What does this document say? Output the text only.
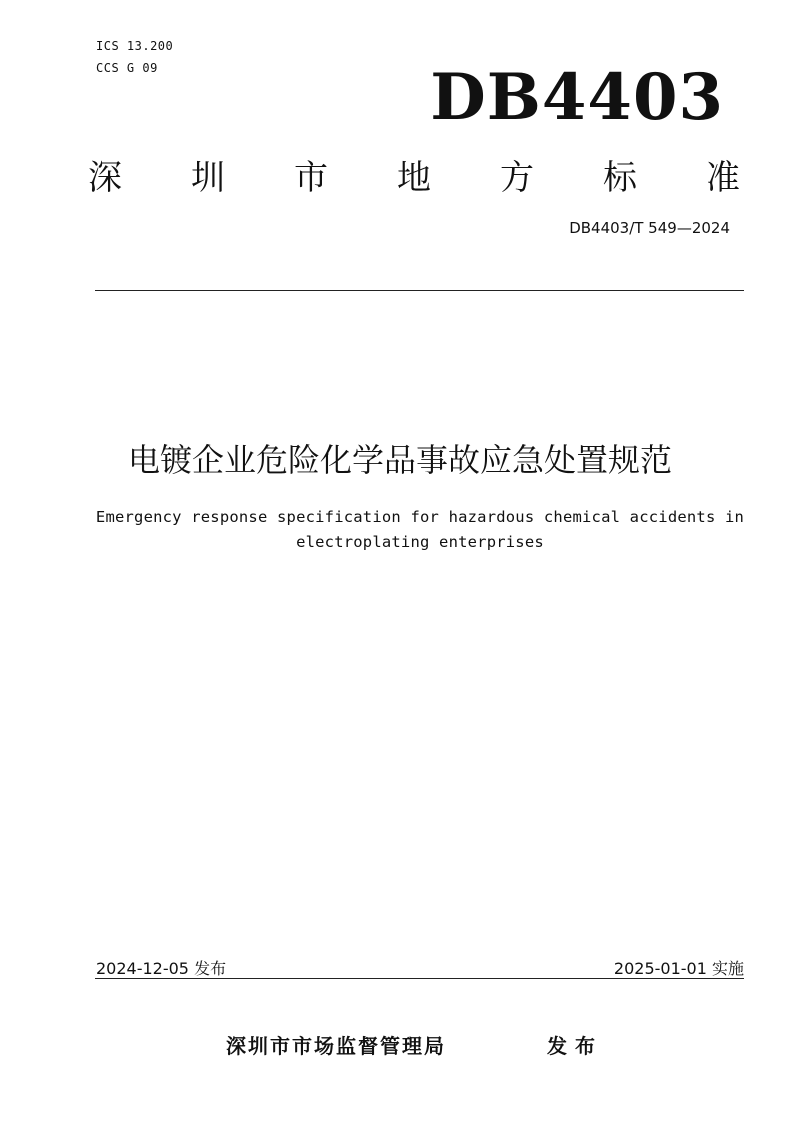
ICS 13.200
CCS G 09	DB4403
深 圳 市 地 方 标 准
DB4403/T 549—2024
电镀企业危险化学品事故应急处置规范
Emergency response specification for hazardous chemical accidents in
electroplating enterprises
2024-12-05 发布	2025-01-01 实施
深圳市市场监督管理局	发布
